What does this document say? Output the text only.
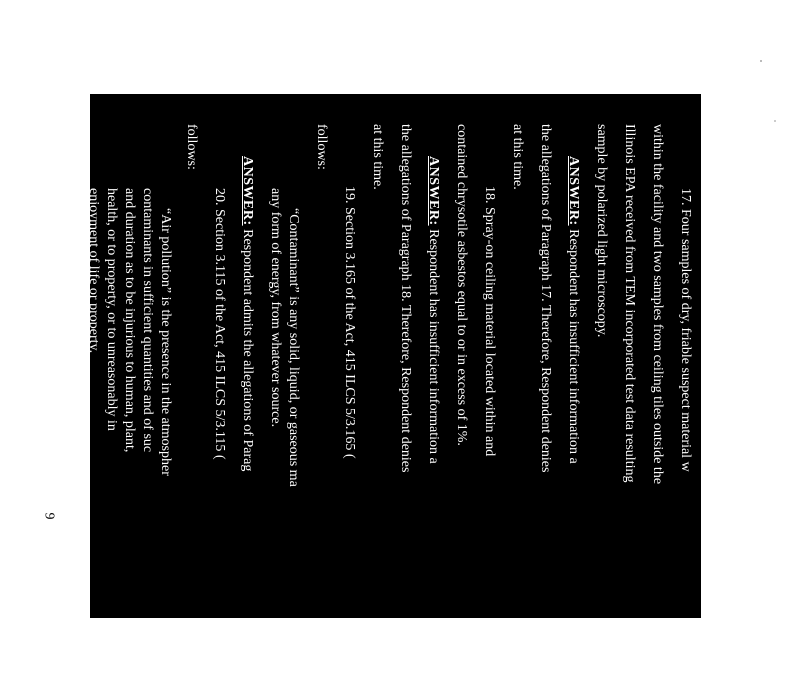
9
17. Four samples of dry, friable suspect material w
within the facility and two samples from ceiling tiles outside the
Illinois EPA received from TEM incorporated test data resulting
sample by polarized light microscopy.
ANSWER: Respondent has insufficient information a
the allegations of Paragraph 17. Therefore, Respondent denies
at this time.
18. Spray-on ceiling material located within and
contained chrysotile asbestos equal to or in excess of 1%.
ANSWER: Respondent has insufficient information a
the allegations of Paragraph 18. Therefore, Respondent denies
at this time.
19. Section 3.165 of the Act, 415 ILCS 5/3.165 (
follows:
“Contaminant” is any solid, liquid, or gaseous ma
any form of energy, from whatever source.
ANSWER: Respondent admits the allegations of Parag
20. Section 3.115 of the Act, 415 ILCS 5/3.115 (
follows:
“Air pollution” is the presence in the atmospher
contaminants in sufficient quantities and of suc
and duration as to be injurious to human, plant,
health, or to property, or to unreasonably in
enjoyment of life or property.
ANSWER: Respondent admits the allegations of Para
